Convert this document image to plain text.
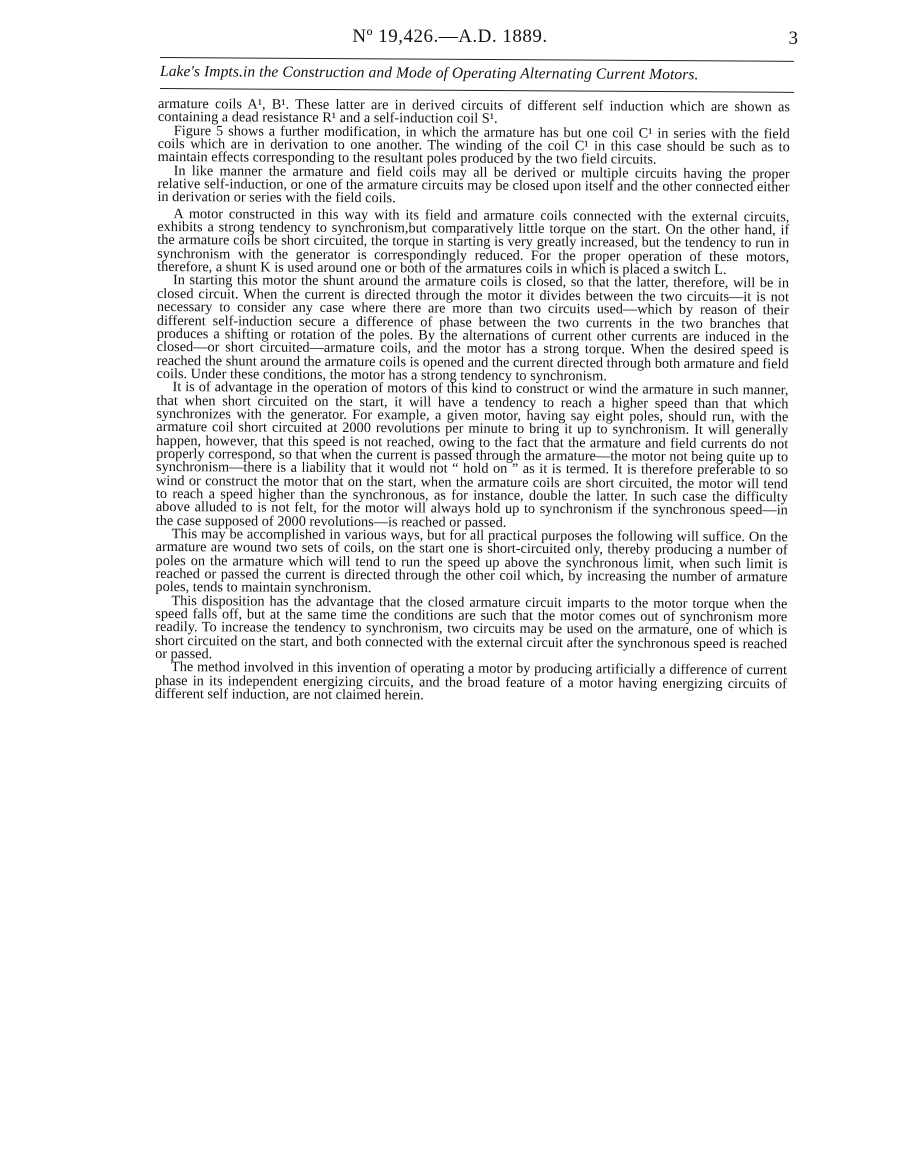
Nº 19,426.—A.D. 1889.	3
Lake's Impts.in the Construction and Mode of Operating Alternating Current Motors.

armature coils A¹, B¹. These latter are in derived circuits of different self induction which are shown as containing a dead resistance R¹ and a self-induction coil S¹.

Figure 5 shows a further modification, in which the armature has but one coil C¹ in series with the field coils which are in derivation to one another. The winding of the coil C¹ in this case should be such as to maintain effects corresponding to the resultant poles produced by the two field circuits.

In like manner the armature and field coils may all be derived or multiple circuits having the proper relative self-induction, or one of the armature circuits may be closed upon itself and the other connected either in derivation or series with the field coils.

A motor constructed in this way with its field and armature coils connected with the external circuits, exhibits a strong tendency to synchronism,but comparatively little torque on the start. On the other hand, if the armature coils be short circuited, the torque in starting is very greatly increased, but the tendency to run in synchronism with the generator is correspondingly reduced. For the proper operation of these motors, therefore, a shunt K is used around one or both of the armatures coils in which is placed a switch L.

In starting this motor the shunt around the armature coils is closed, so that the latter, therefore, will be in closed circuit. When the current is directed through the motor it divides between the two circuits—it is not necessary to consider any case where there are more than two circuits used—which by reason of their different self-induction secure a difference of phase between the two currents in the two branches that produces a shifting or rotation of the poles. By the alternations of current other currents are induced in the closed—or short circuited—armature coils, and the motor has a strong torque. When the desired speed is reached the shunt around the armature coils is opened and the current directed through both armature and field coils. Under these conditions, the motor has a strong tendency to synchronism.

It is of advantage in the operation of motors of this kind to construct or wind the armature in such manner, that when short circuited on the start, it will have a tendency to reach a higher speed than that which synchronizes with the generator. For example, a given motor, having say eight poles, should run, with the armature coil short circuited at 2000 revolutions per minute to bring it up to synchronism. It will generally happen, however, that this speed is not reached, owing to the fact that the armature and field currents do not properly correspond, so that when the current is passed through the armature—the motor not being quite up to synchronism—there is a liability that it would not “ hold on ” as it is termed. It is therefore preferable to so wind or construct the motor that on the start, when the armature coils are short circuited, the motor will tend to reach a speed higher than the synchronous, as for instance, double the latter. In such case the difficulty above alluded to is not felt, for the motor will always hold up to synchronism if the synchronous speed—in the case supposed of 2000 revolutions—is reached or passed.

This may be accomplished in various ways, but for all practical purposes the following will suffice. On the armature are wound two sets of coils, on the start one is short-circuited only, thereby producing a number of poles on the armature which will tend to run the speed up above the synchronous limit, when such limit is reached or passed the current is directed through the other coil which, by increasing the number of armature poles, tends to maintain synchronism.

This disposition has the advantage that the closed armature circuit imparts to the motor torque when the speed falls off, but at the same time the conditions are such that the motor comes out of synchronism more readily. To increase the tendency to synchronism, two circuits may be used on the armature, one of which is short circuited on the start, and both connected with the external circuit after the synchronous speed is reached or passed.

The method involved in this invention of operating a motor by producing artificially a difference of current phase in its independent energizing circuits, and the broad feature of a motor having energizing circuits of different self induction, are not claimed herein.
